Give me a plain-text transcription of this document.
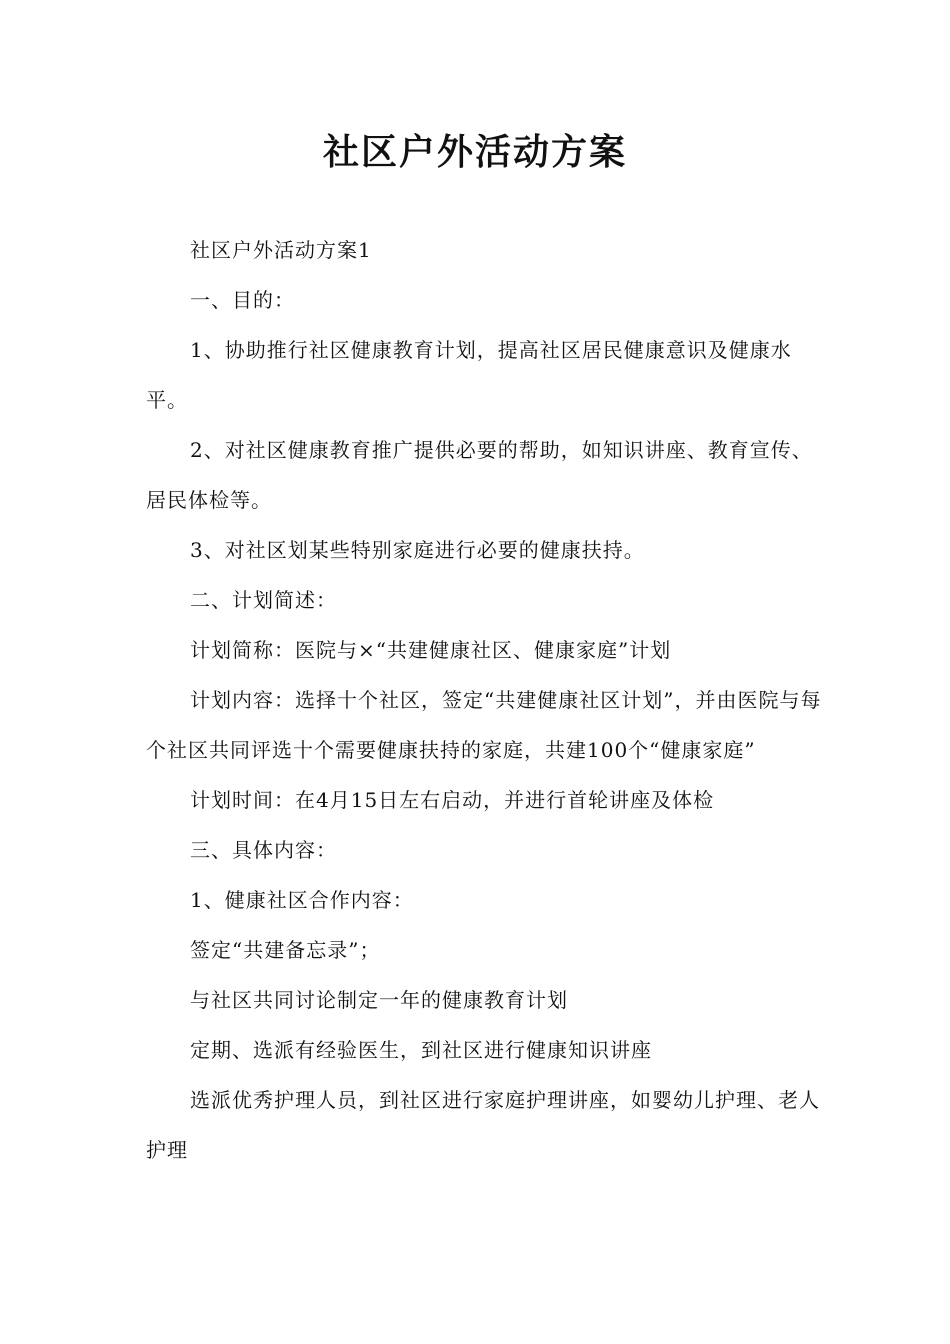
社区户外活动方案

社区户外活动方案1

一、目的：

1、协助推行社区健康教育计划，提高社区居民健康意识及健康水平。

2、对社区健康教育推广提供必要的帮助，如知识讲座、教育宣传、居民体检等。

3、对社区划某些特别家庭进行必要的健康扶持。

二、计划简述：

计划简称：医院与×“共建健康社区、健康家庭”计划

计划内容：选择十个社区，签定“共建健康社区计划”，并由医院与每个社区共同评选十个需要健康扶持的家庭，共建100个“健康家庭”

计划时间：在4月15日左右启动，并进行首轮讲座及体检

三、具体内容：

1、健康社区合作内容：

签定“共建备忘录”；

与社区共同讨论制定一年的健康教育计划

定期、选派有经验医生，到社区进行健康知识讲座

选派优秀护理人员，到社区进行家庭护理讲座，如婴幼儿护理、老人护理
